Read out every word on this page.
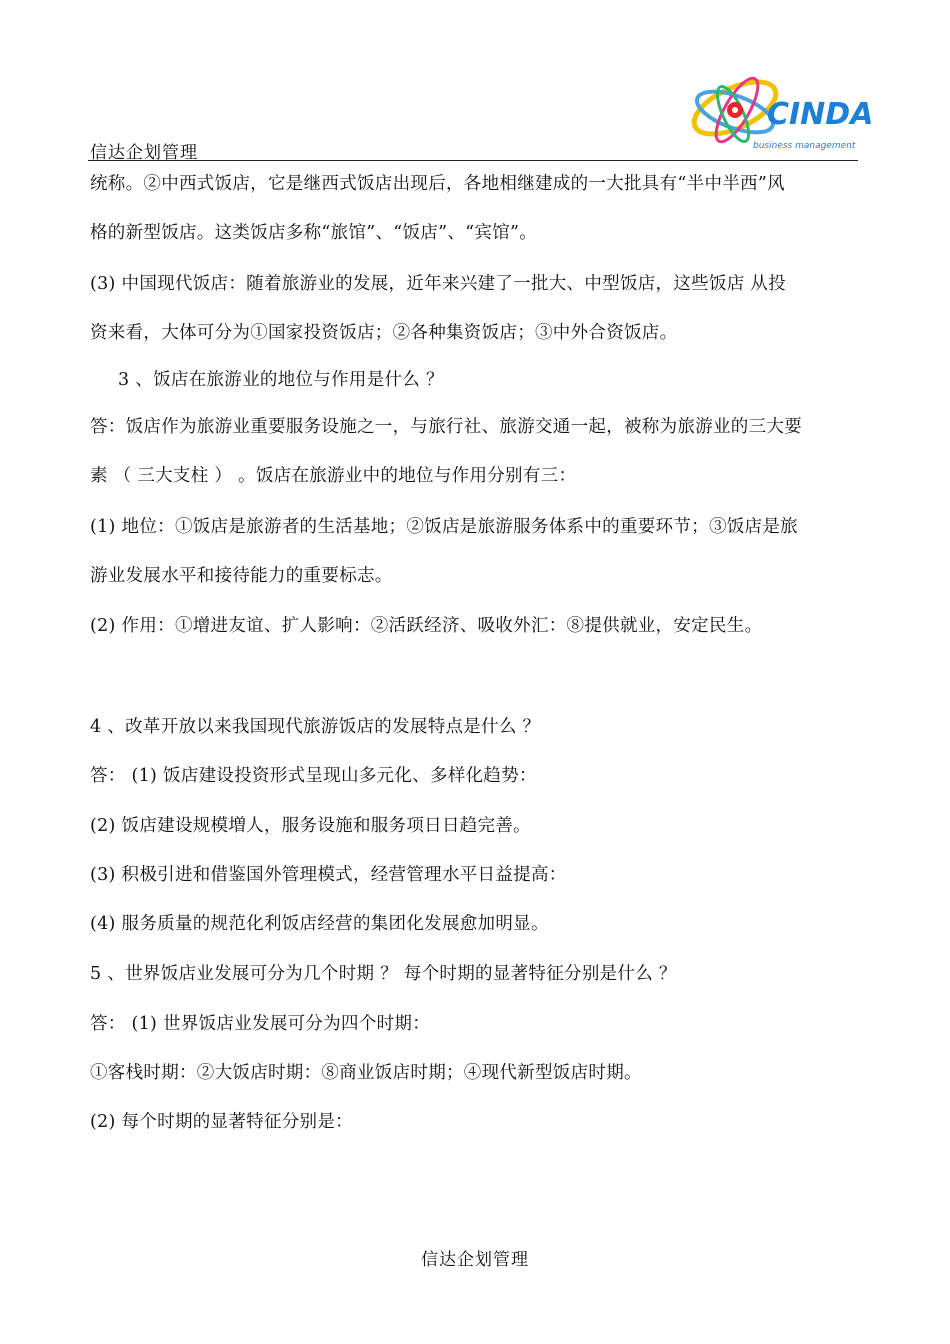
信达企划管理
CINDA
business management
统称。②中西式饭店，它是继西式饭店出现后，各地相继建成的一大批具有“半中半西”风
格的新型饭店。这类饭店多称“旅馆”、“饭店”、“宾馆”。
(3) 中国现代饭店：随着旅游业的发展，近年来兴建了一批大、中型饭店，这些饭店 从投
资来看，大体可分为①国家投资饭店；②各种集资饭店；③中外合资饭店。
3 、饭店在旅游业的地位与作用是什么 ？
答：饭店作为旅游业重要服务设施之一，与旅行社、旅游交通一起，被称为旅游业的三大要
素 （ 三大支柱 ） 。饭店在旅游业中的地位与作用分别有三：
(1) 地位：①饭店是旅游者的生活基地；②饭店是旅游服务体系中的重要环节；③饭店是旅
游业发展水平和接待能力的重要标志。
(2) 作用：①增进友谊、扩人影响：②活跃经济、吸收外汇：⑧提供就业，安定民生。
4 、改革开放以来我国现代旅游饭店的发展特点是什么 ？
答： (1) 饭店建设投资形式呈现山多元化、多样化趋势：
(2) 饭店建设规模増人，服务设施和服务项日日趋完善。
(3) 积极引进和借鉴国外管理模式，经营管理水平日益提高：
(4) 服务质量的规范化利饭店经营的集团化发展愈加明显。
5 、世界饭店业发展可分为几个时期 ？ 每个时期的显著特征分别是什么 ？
答： (1) 世界饭店业发展可分为四个时期：
①客栈时期：②大饭店时期：⑧商业饭店时期；④现代新型饭店时期。
(2) 每个时期的显著特征分别是：
信达企划管理
